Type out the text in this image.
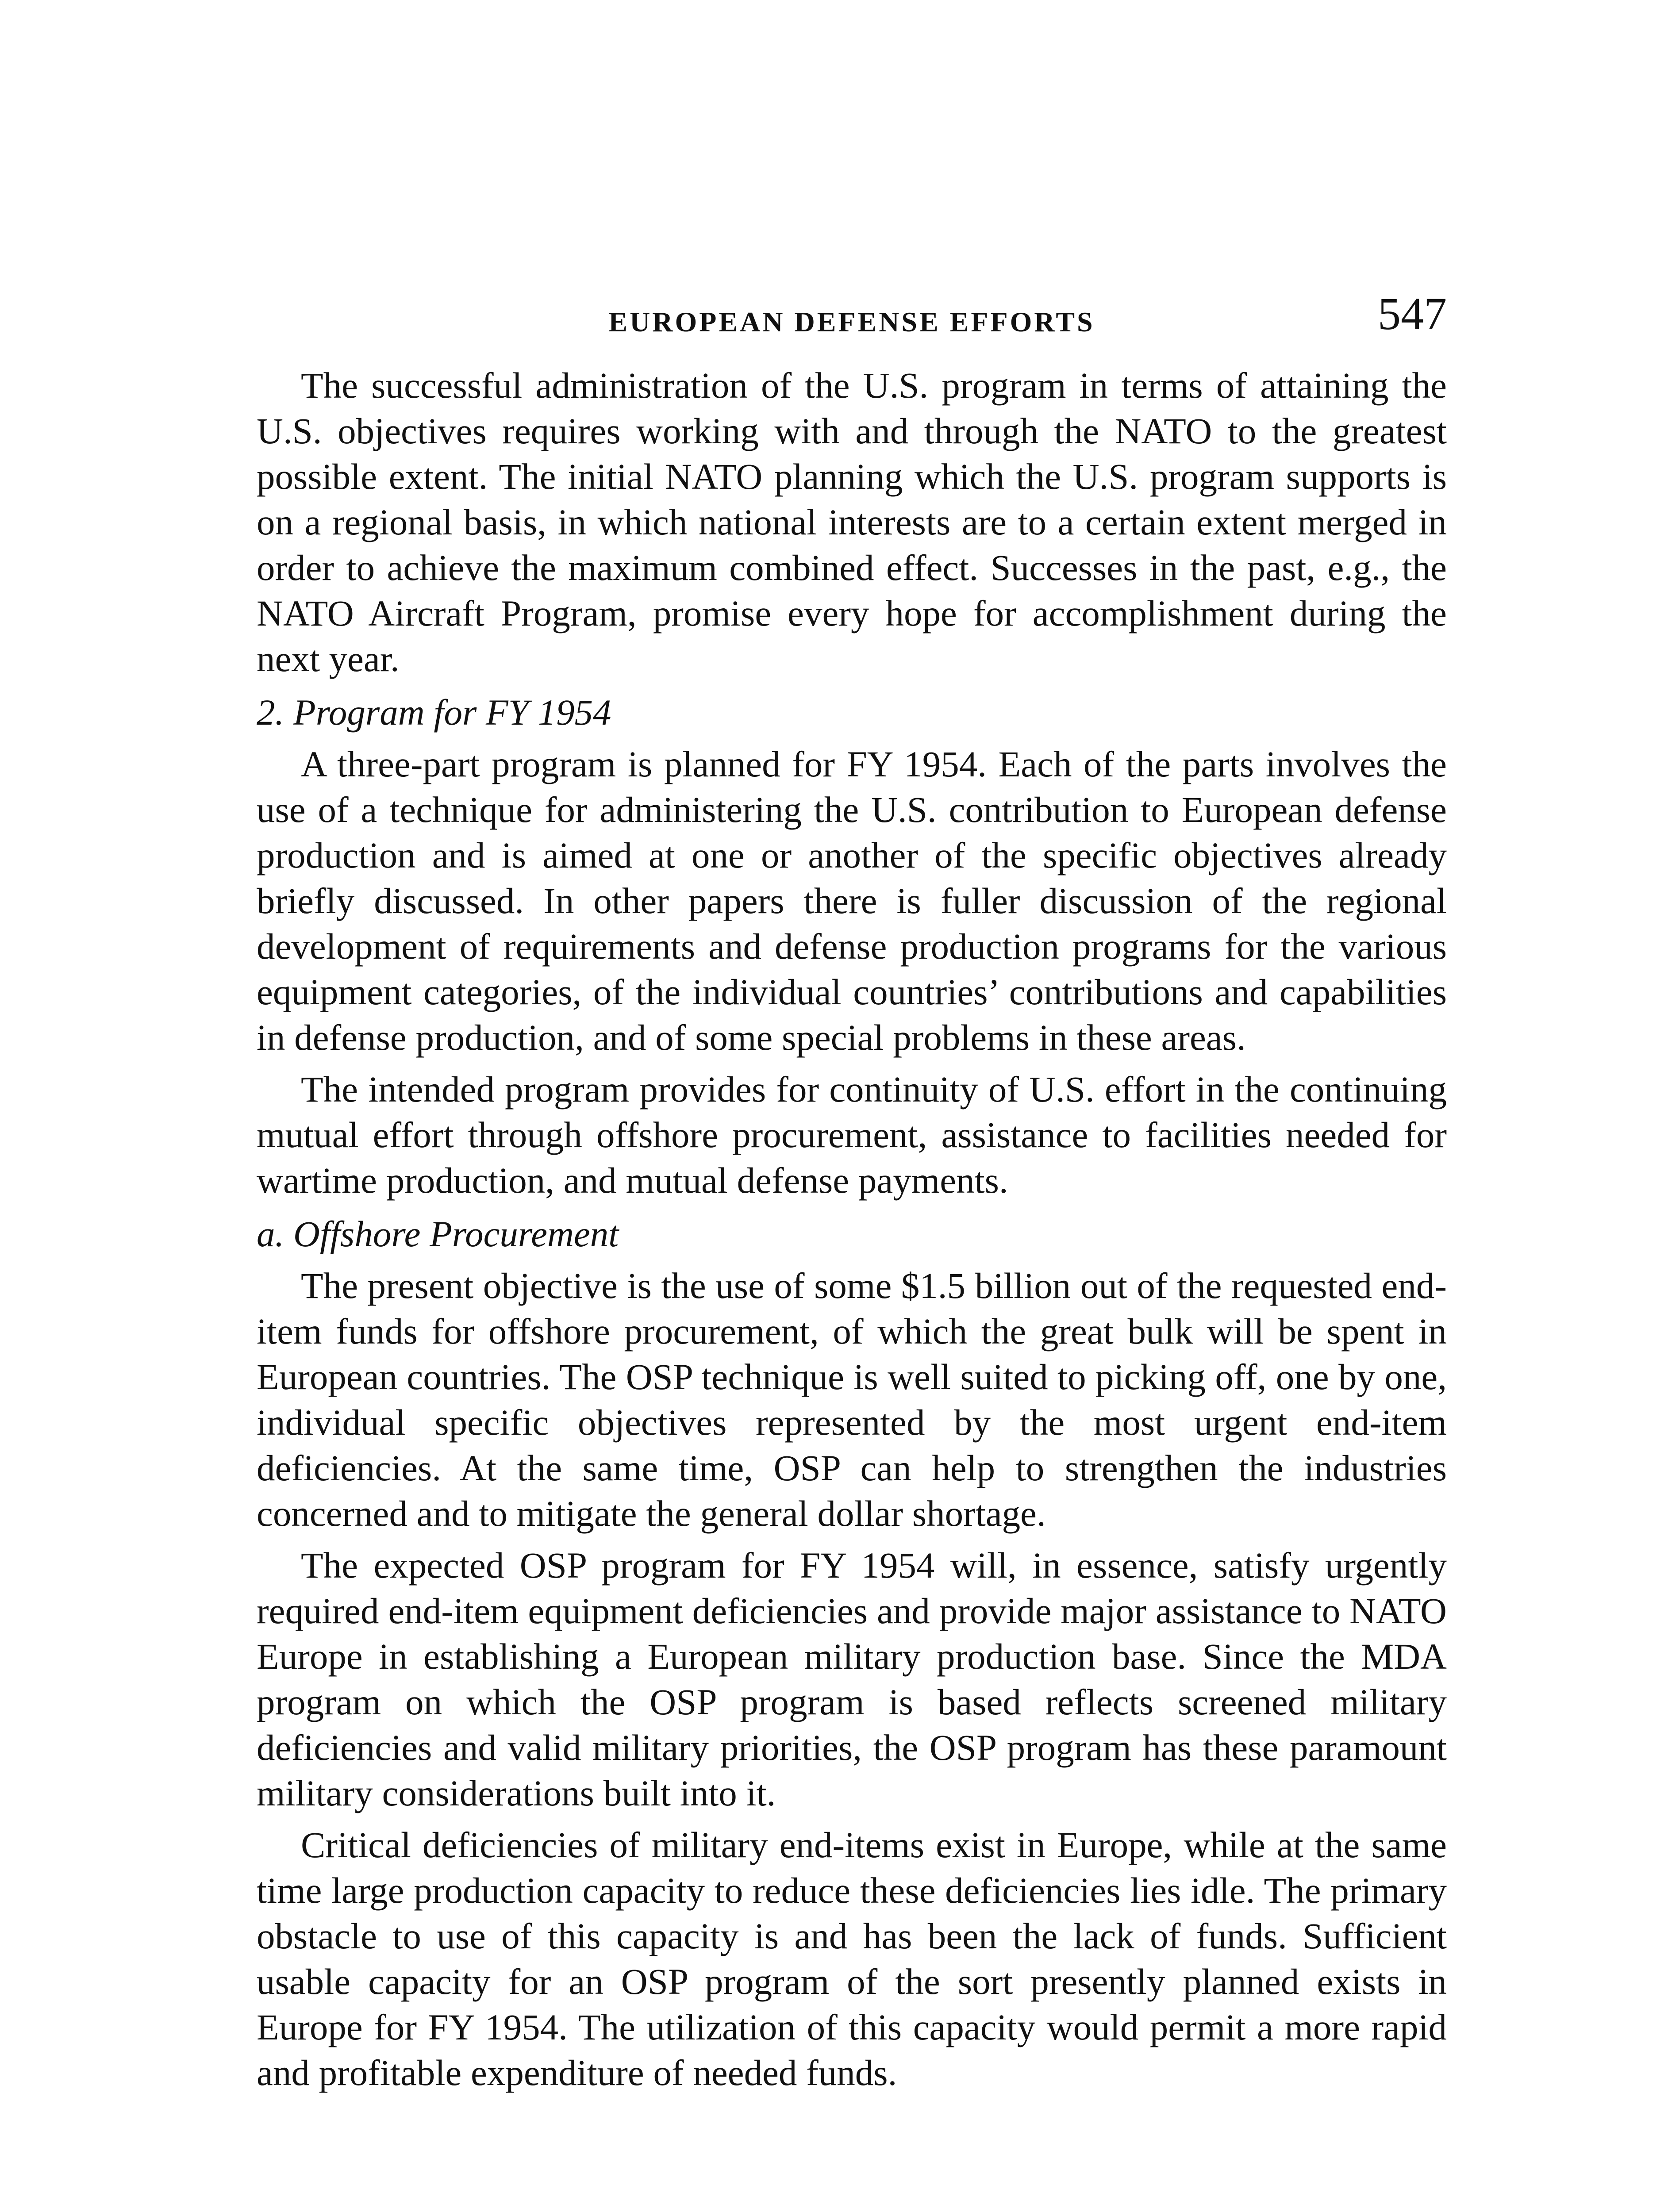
EUROPEAN DEFENSE EFFORTS	547

The successful administration of the U.S. program in terms of attaining the U.S. objectives requires working with and through the NATO to the greatest possible extent. The initial NATO planning which the U.S. program supports is on a regional basis, in which national interests are to a certain extent merged in order to achieve the maximum combined effect. Successes in the past, e.g., the NATO Aircraft Program, promise every hope for accomplishment during the next year.

2. Program for FY 1954

A three-part program is planned for FY 1954. Each of the parts involves the use of a technique for administering the U.S. contribution to European defense production and is aimed at one or another of the specific objectives already briefly discussed. In other papers there is fuller discussion of the regional development of requirements and defense production programs for the various equipment categories, of the individual countries’ contributions and capabilities in defense production, and of some special problems in these areas.

The intended program provides for continuity of U.S. effort in the continuing mutual effort through offshore procurement, assistance to facilities needed for wartime production, and mutual defense payments.

a. Offshore Procurement

The present objective is the use of some $1.5 billion out of the requested end-item funds for offshore procurement, of which the great bulk will be spent in European countries. The OSP technique is well suited to picking off, one by one, individual specific objectives represented by the most urgent end-item deficiencies. At the same time, OSP can help to strengthen the industries concerned and to mitigate the general dollar shortage.

The expected OSP program for FY 1954 will, in essence, satisfy urgently required end-item equipment deficiencies and provide major assistance to NATO Europe in establishing a European military production base. Since the MDA program on which the OSP program is based reflects screened military deficiencies and valid military priorities, the OSP program has these paramount military considerations built into it.

Critical deficiencies of military end-items exist in Europe, while at the same time large production capacity to reduce these deficiencies lies idle. The primary obstacle to use of this capacity is and has been the lack of funds. Sufficient usable capacity for an OSP program of the sort presently planned exists in Europe for FY 1954. The utilization of this capacity would permit a more rapid and profitable expenditure of needed funds.
